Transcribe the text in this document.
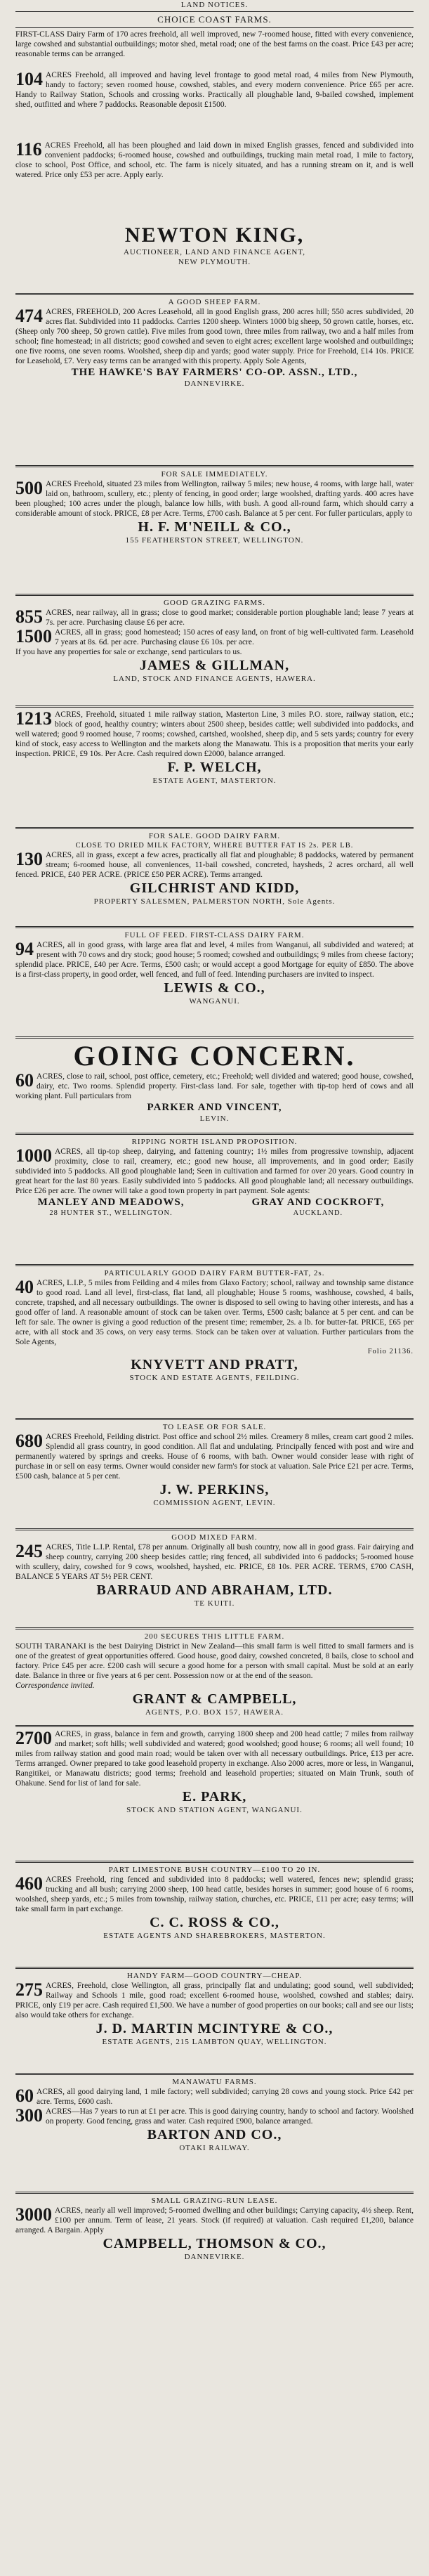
LAND NOTICES.
CHOICE COAST FARMS.

FIRST-CLASS Dairy Farm of 170 acres freehold, all well improved, new 7-roomed house, fitted with every convenience, large cowshed and substantial outbuildings; motor shed, metal road; one of the best farms on the coast. Price £43 per acre; reasonable terms can be arranged.

104 ACRES Freehold, all improved and having level frontage to good metal road, 4 miles from New Plymouth, handy to factory; seven roomed house, cowshed, stables, and every modern convenience. Price £65 per acre. Handy to Railway Station, Schools and crossing works. Practically all ploughable land, 9-bailed cowshed, implement shed, outfitted and where 7 paddocks. Reasonable deposit £1500.

116 ACRES Freehold, all has been ploughed and laid down in mixed English grasses, fenced and subdivided into convenient paddocks; 6-roomed house, cowshed and outbuildings, trucking main metal road, 1 mile to factory, close to school, Post Office, and school, etc. The farm is nicely situated, and has a running stream on it, and is well watered. Price only £53 per acre. Apply early.

NEWTON KING,
AUCTIONEER, LAND AND FINANCE AGENT,
NEW PLYMOUTH.
A GOOD SHEEP FARM.
474 ACRES, FREEHOLD, 200 Acres Leasehold, all in good English grass, 200 acres hill; 550 acres subdivided, 20 acres flat. Subdivided into 11 paddocks. Carries 1200 sheep. Winters 1000 big sheep, 50 grown cattle, horses, etc. (Sheep only 700 sheep, 50 grown cattle). Five miles from good town, three miles from railway, two and a half miles from school; fine homestead; in all districts; good cowshed and seven to eight acres; excellent large woolshed and outbuildings; one five rooms, one seven rooms. Woolshed, sheep dip and yards; good water supply. Price for Freehold, £14 10s. PRICE for Leasehold, £7. Very easy terms can be arranged with this property. Apply Sole Agents,

THE HAWKE'S BAY FARMERS' CO-OP. ASSN., LTD.,
DANNEVIRKE.
FOR SALE IMMEDIATELY.
500 ACRES Freehold, situated 23 miles from Wellington, railway 5 miles; new house, 4 rooms, with large hall, water laid on, bathroom, scullery, etc.; plenty of fencing, in good order; large woolshed, drafting yards. 400 acres have been ploughed; 100 acres under the plough, balance low hills, with bush. A good all-round farm, which should carry a considerable amount of stock. PRICE, £8 per Acre. Terms, £700 cash. Balance at 5 per cent. For fuller particulars, apply to

H. F. M'NEILL & CO.,
155 FEATHERSTON STREET, WELLINGTON.
GOOD GRAZING FARMS.
855 ACRES, near railway, all in grass; close to good market; considerable portion ploughable land; lease 7 years at 7s. per acre. Purchasing clause £6 per acre.

1500 ACRES, all in grass; good homestead; 150 acres of easy land, on front of big well-cultivated farm. Leasehold 7 years at 8s. 6d. per acre. Purchasing clause £6 10s. per acre.

If you have any properties for sale or exchange, send particulars to us.

JAMES & GILLMAN,
LAND, STOCK AND FINANCE AGENTS, HAWERA.
1213 ACRES, Freehold, situated 1 mile railway station, Masterton Line, 3 miles P.O. store, railway station, etc.; block of good, healthy country; winters about 2500 sheep, besides cattle; well subdivided into paddocks, and well watered; good 9 roomed house, 7 rooms; cowshed, cartshed, woolshed, sheep dip, and 5 sets yards; country for every kind of stock, easy access to Wellington and the markets along the Manawatu. This is a proposition that merits your early inspection. PRICE, £9 10s. Per Acre. Cash required down £2000, balance arranged.

F. P. WELCH,
ESTATE AGENT, MASTERTON.
FOR SALE. GOOD DAIRY FARM.
CLOSE TO DRIED MILK FACTORY, WHERE BUTTER FAT IS 2s. PER LB.
130 ACRES, all in grass, except a few acres, practically all flat and ploughable; 8 paddocks, watered by permanent stream; 6-roomed house, all conveniences, 11-bail cowshed, concreted, haysheds, 2 acres orchard, all well fenced. PRICE, £40 PER ACRE. (PRICE £50 PER ACRE). Terms arranged.

GILCHRIST AND KIDD,
PROPERTY SALESMEN, PALMERSTON NORTH, Sole Agents.
FULL OF FEED. FIRST-CLASS DAIRY FARM.
94 ACRES, all in good grass, with large area flat and level, 4 miles from Wanganui, all subdivided and watered; at present with 70 cows and dry stock; good house; 5 roomed; cowshed and outbuildings; 9 miles from cheese factory; splendid place. PRICE, £40 per Acre. Terms, £500 cash; or would accept a good Mortgage for equity of £850. The above is a first-class property, in good order, well fenced, and full of feed. Intending purchasers are invited to inspect.

LEWIS & CO.,
WANGANUI.
GOING CONCERN.
60 ACRES, close to rail, school, post office, cemetery, etc.; Freehold; well divided and watered; good house, cowshed, dairy, etc. Two rooms. Splendid property. First-class land. For sale, together with tip-top herd of cows and all working plant. Full particulars from

PARKER AND VINCENT,
LEVIN.
RIPPING NORTH ISLAND PROPOSITION.
1000 ACRES, all tip-top sheep, dairying, and fattening country; 1½ miles from progressive township, adjacent proximity, close to rail, creamery, etc.; good new house, all improvements, and in good order; Easily subdivided into 5 paddocks. All good ploughable land; Seen in cultivation and farmed for over 20 years. Good country in great heart for the last 80 years. Easily subdivided into 5 paddocks. All good ploughable land; all necessary outbuildings. Price £26 per acre. The owner will take a good town property in part payment. Sole agents:

MANLEY AND MEADOWS,
28 HUNTER ST., WELLINGTON.
GRAY AND COCKROFT,
AUCKLAND.
PARTICULARLY GOOD DAIRY FARM BUTTER-FAT, 2s.
40 ACRES, L.I.P., 5 miles from Feilding and 4 miles from Glaxo Factory; school, railway and township same distance to good road. Land all level, first-class, flat land, all ploughable; House 5 rooms, washhouse, cowshed, 4 bails, concrete, trapshed, and all necessary outbuildings. The owner is disposed to sell owing to having other interests, and has a good offer of land. A reasonable amount of stock can be taken over. Terms, £500 cash; balance at 5 per cent. and can be left for sale. The owner is giving a good reduction of the present time; remember, 2s. a lb. for butter-fat. PRICE, £65 per acre, with all stock and 35 cows, on very easy terms. Stock can be taken over at valuation. Further particulars from the Sole Agents,

Folio 21136.
KNYVETT AND PRATT,
STOCK AND ESTATE AGENTS, FEILDING.
TO LEASE OR FOR SALE.
680 ACRES Freehold, Feilding district. Post office and school 2½ miles. Creamery 8 miles, cream cart good 2 miles. Splendid all grass country, in good condition. All flat and undulating. Principally fenced with post and wire and permanently watered by springs and creeks. House of 6 rooms, with bath. Owner would consider lease with right of purchase in or sell on easy terms. Owner would consider new farm's for stock at valuation. Sale Price £21 per acre. Terms, £500 cash, balance at 5 per cent.

J. W. PERKINS,
COMMISSION AGENT, LEVIN.
GOOD MIXED FARM.
245 ACRES, Title L.I.P. Rental, £78 per annum. Originally all bush country, now all in good grass. Fair dairying and sheep country, carrying 200 sheep besides cattle; ring fenced, all subdivided into 6 paddocks; 5-roomed house with scullery, dairy, cowshed for 9 cows, woolshed, hayshed, etc. PRICE, £8 10s. PER ACRE. TERMS, £700 CASH, BALANCE 5 YEARS AT 5½ PER CENT.

BARRAUD AND ABRAHAM, LTD.
TE KUITI.
200 SECURES THIS LITTLE FARM.

SOUTH TARANAKI is the best Dairying District in New Zealand—this small farm is well fitted to small farmers and is one of the greatest of great opportunities offered. Good house, good dairy, cowshed concreted, 8 bails, close to school and factory. Price £45 per acre. £200 cash will secure a good home for a person with small capital. Must be sold at an early date. Balance in three or five years at 6 per cent. Possession now or at the end of the season.

Correspondence invited.

GRANT & CAMPBELL,
AGENTS, P.O. BOX 157, HAWERA.
2700 ACRES, in grass, balance in fern and growth, carrying 1800 sheep and 200 head cattle; 7 miles from railway and market; soft hills; well subdivided and watered; good woolshed; good house; 6 rooms; all well found; 10 miles from railway station and good main road; would be taken over with all necessary outbuildings. Price, £13 per acre. Terms arranged. Owner prepared to take good leasehold property in exchange. Also 2000 acres, more or less, in Wanganui, Rangitikei, or Manawatu districts; good terms; freehold and leasehold properties; situated on Main Trunk, south of Ohakune. Send for list of land for sale.

E. PARK,
STOCK AND STATION AGENT, WANGANUI.
PART LIMESTONE BUSH COUNTRY—£100 TO 20 IN.
460 ACRES Freehold, ring fenced and subdivided into 8 paddocks; well watered, fences new; splendid grass; trucking and all bush; carrying 2000 sheep, 100 head cattle, besides horses in summer; good house of 6 rooms, woolshed, sheep yards, etc.; 5 miles from township, railway station, churches, etc. PRICE, £11 per acre; easy terms; will take small farm in part exchange.

C. C. ROSS & CO.,
ESTATE AGENTS AND SHAREBROKERS, MASTERTON.
HANDY FARM—GOOD COUNTRY—CHEAP.
275 ACRES, Freehold, close Wellington, all grass, principally flat and undulating; good sound, well subdivided; Railway and Schools 1 mile, good road; excellent 6-roomed house, woolshed, cowshed and stables; dairy. PRICE, only £19 per acre. Cash required £1,500. We have a number of good properties on our books; call and see our lists; also would take others for exchange.

J. D. MARTIN MCINTYRE & CO.,
ESTATE AGENTS, 215 LAMBTON QUAY, WELLINGTON.
MANAWATU FARMS.
60 ACRES, all good dairying land, 1 mile factory; well subdivided; carrying 28 cows and young stock. Price £42 per acre. Terms, £600 cash.

300 ACRES—Has 7 years to run at £1 per acre. This is good dairying country, handy to school and factory. Woolshed on property. Good fencing, grass and water. Cash required £900, balance arranged.

BARTON AND CO.,
OTAKI RAILWAY.
SMALL GRAZING-RUN LEASE.
3000 ACRES, nearly all well improved; 5-roomed dwelling and other buildings; Carrying capacity, 4½ sheep. Rent, £100 per annum. Term of lease, 21 years. Stock (if required) at valuation. Cash required £1,200, balance arranged. A Bargain. Apply

CAMPBELL, THOMSON & CO.,
DANNEVIRKE.
